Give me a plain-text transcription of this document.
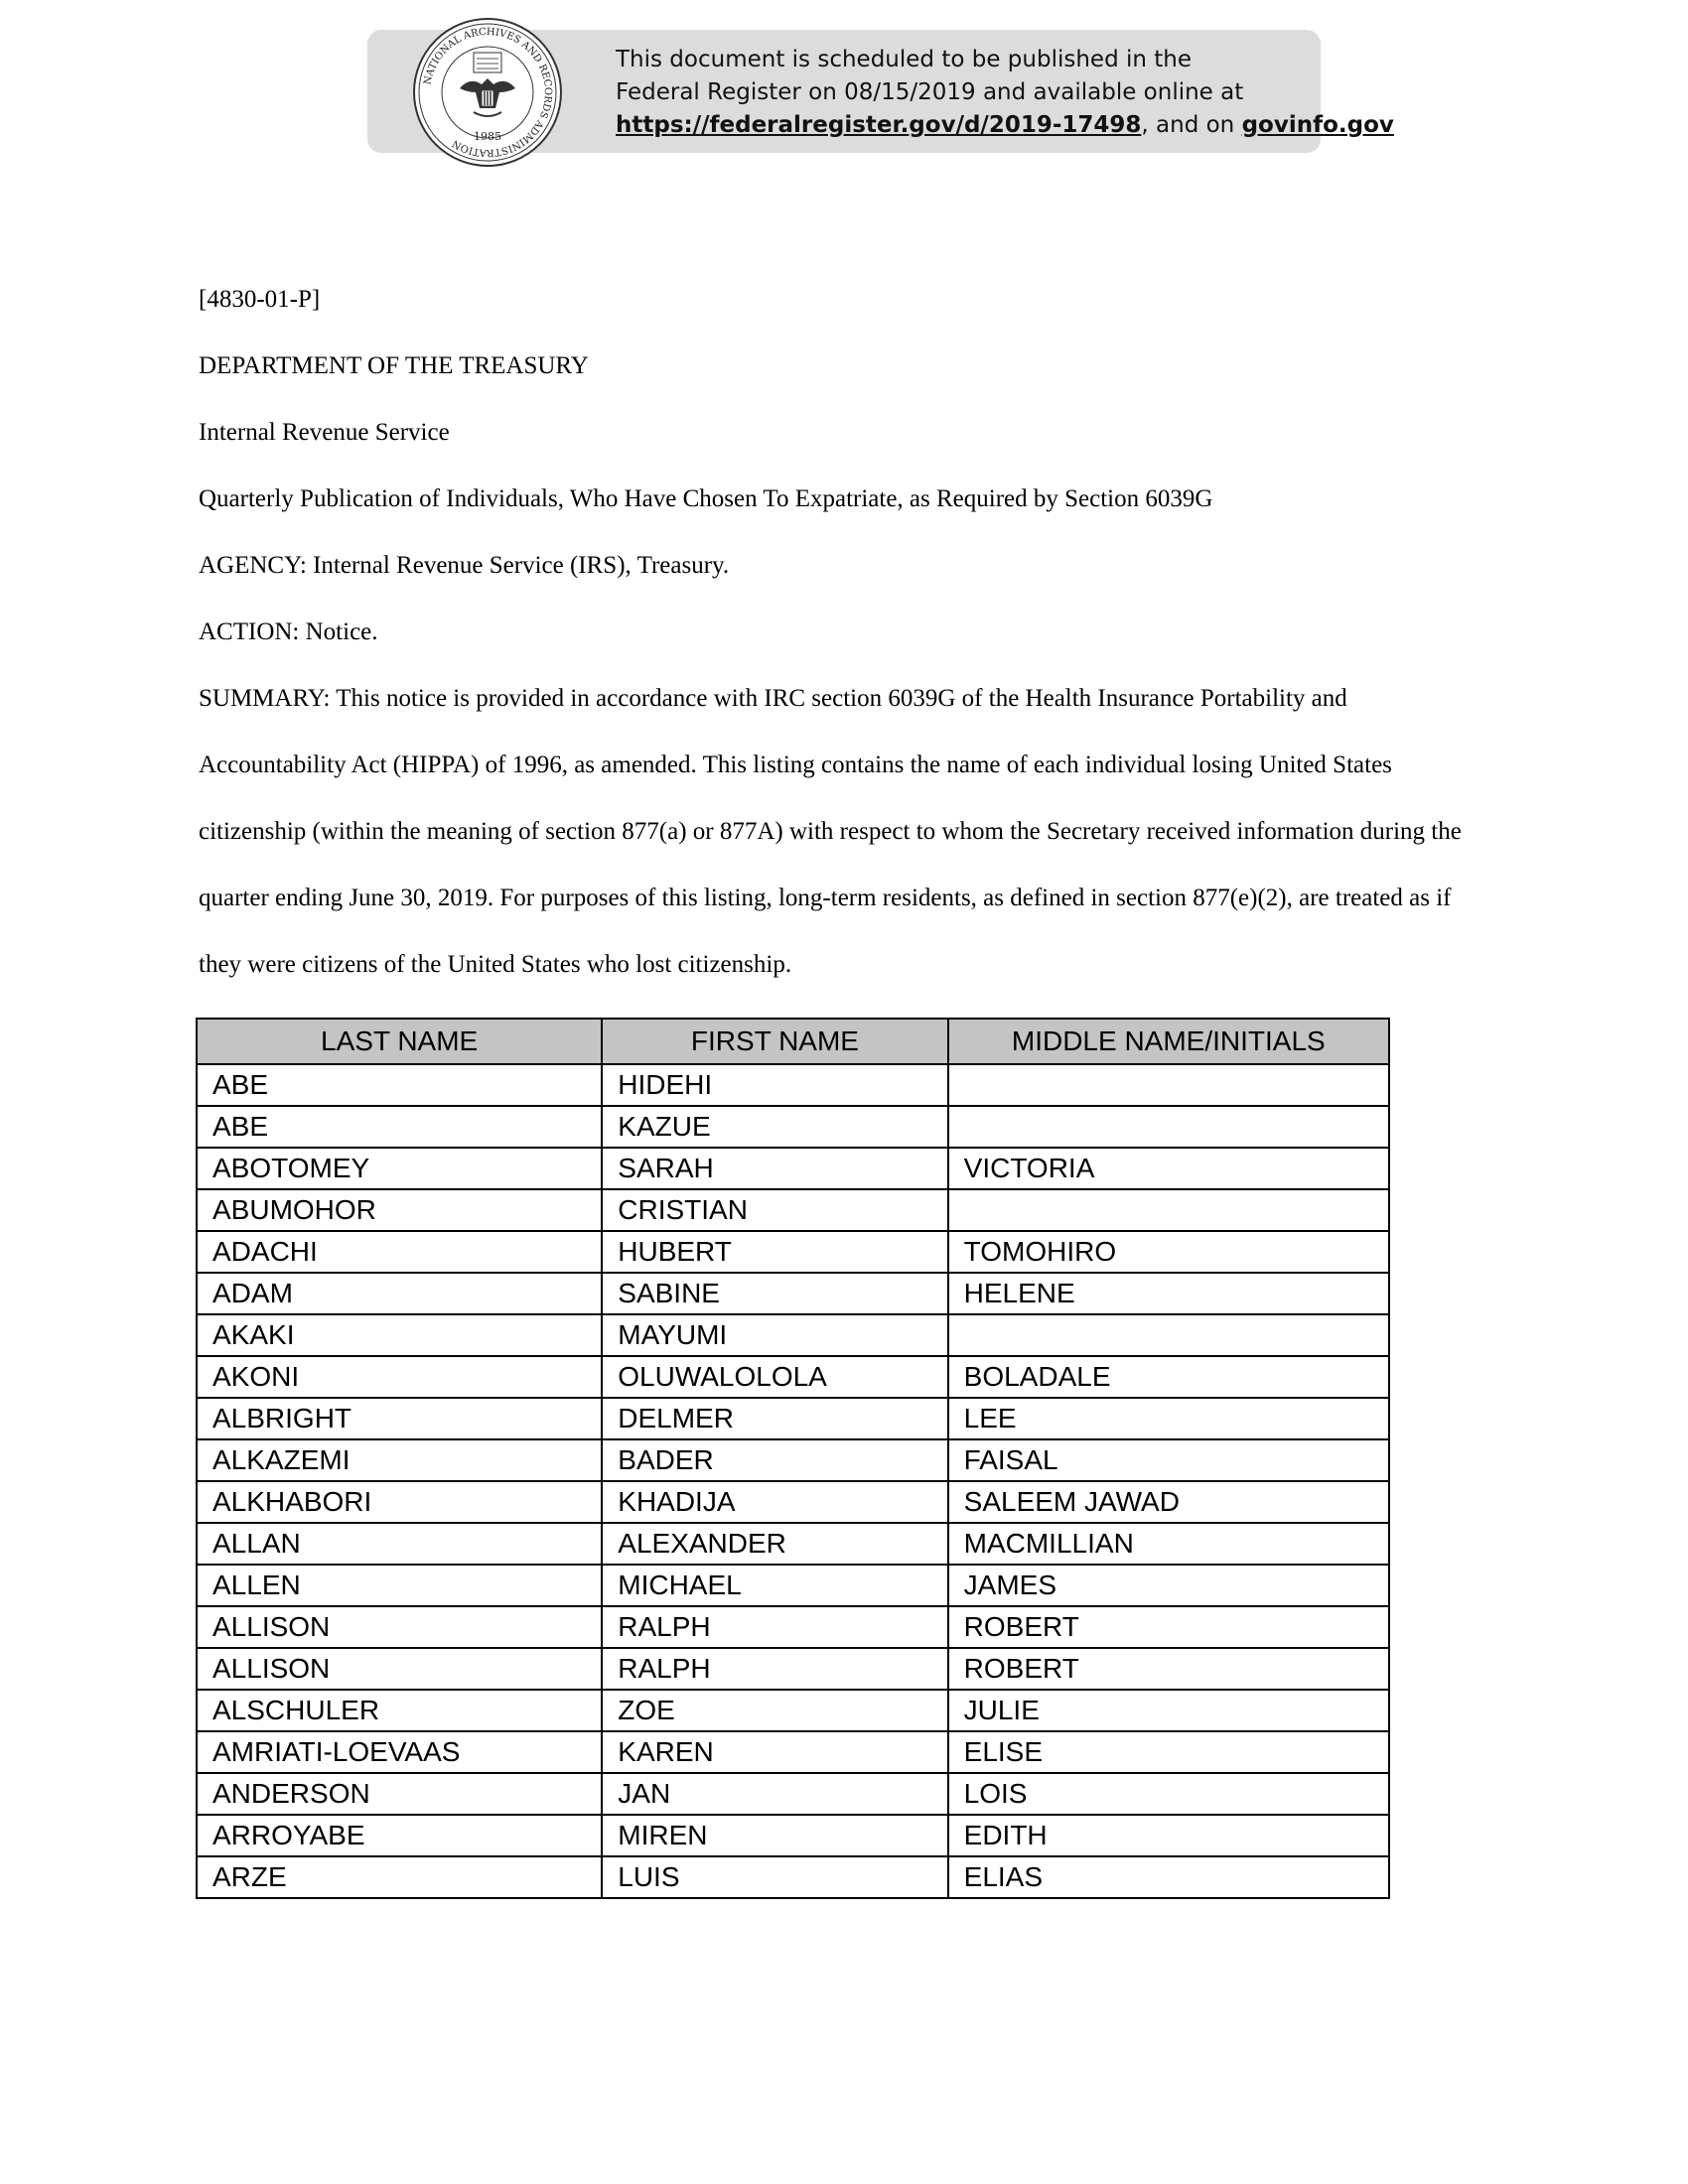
This document is scheduled to be published in the
Federal Register on 08/15/2019 and available online at
https://federalregister.gov/d/2019-17498, and on govinfo.gov
NATIONAL ARCHIVES AND RECORDS ADMINISTRATION
1985

[4830-01-P]

DEPARTMENT OF THE TREASURY

Internal Revenue Service

Quarterly Publication of Individuals, Who Have Chosen To Expatriate, as Required by Section 6039G

AGENCY: Internal Revenue Service (IRS), Treasury.

ACTION: Notice.

SUMMARY: This notice is provided in accordance with IRC section 6039G of the Health Insurance Portability and Accountability Act (HIPPA) of 1996, as amended. This listing contains the name of each individual losing United States citizenship (within the meaning of section 877(a) or 877A) with respect to whom the Secretary received information during the quarter ending June 30, 2019. For purposes of this listing, long-term residents, as defined in section 877(e)(2), are treated as if they were citizens of the United States who lost citizenship.

LAST NAME	FIRST NAME	MIDDLE NAME/INITIALS
ABE	HIDEHI	
ABE	KAZUE	
ABOTOMEY	SARAH	VICTORIA
ABUMOHOR	CRISTIAN	
ADACHI	HUBERT	TOMOHIRO
ADAM	SABINE	HELENE
AKAKI	MAYUMI	
AKONI	OLUWALOLOLA	BOLADALE
ALBRIGHT	DELMER	LEE
ALKAZEMI	BADER	FAISAL
ALKHABORI	KHADIJA	SALEEM JAWAD
ALLAN	ALEXANDER	MACMILLIAN
ALLEN	MICHAEL	JAMES
ALLISON	RALPH	ROBERT
ALLISON	RALPH	ROBERT
ALSCHULER	ZOE	JULIE
AMRIATI-LOEVAAS	KAREN	ELISE
ANDERSON	JAN	LOIS
ARROYABE	MIREN	EDITH
ARZE	LUIS	ELIAS
